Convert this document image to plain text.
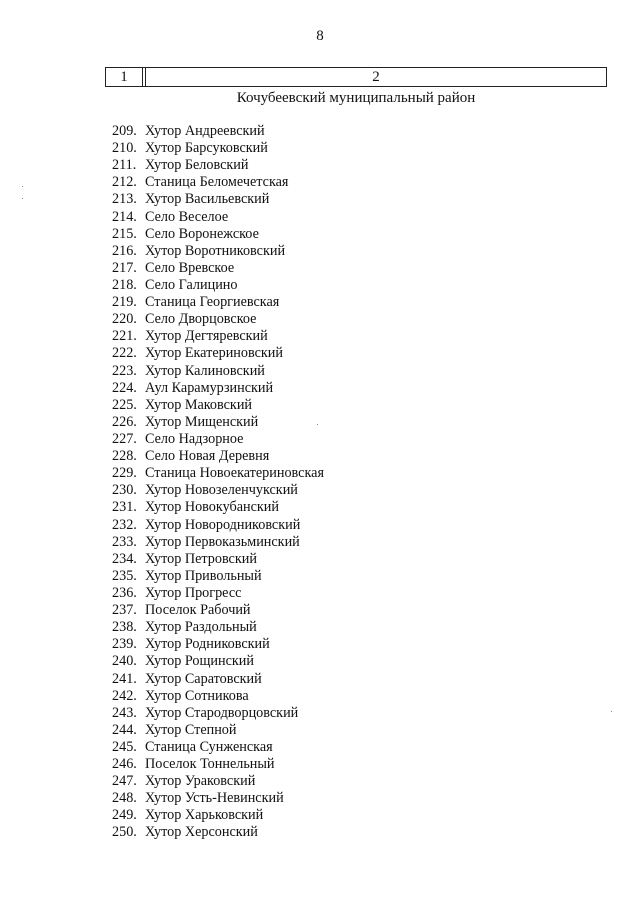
8
1	2
Кочубеевский муниципальный район
209. Хутор Андреевский
210. Хутор Барсуковский
211. Хутор Беловский
212. Станица Беломечетская
213. Хутор Васильевский
214. Село Веселое
215. Село Воронежское
216. Хутор Воротниковский
217. Село Вревское
218. Село Галицино
219. Станица Георгиевская
220. Село Дворцовское
221. Хутор Дегтяревский
222. Хутор Екатериновский
223. Хутор Калиновский
224. Аул Карамурзинский
225. Хутор Маковский
226. Хутор Мищенский
227. Село Надзорное
228. Село Новая Деревня
229. Станица Новоекатериновская
230. Хутор Новозеленчукский
231. Хутор Новокубанский
232. Хутор Новородниковский
233. Хутор Первоказьминский
234. Хутор Петровский
235. Хутор Привольный
236. Хутор Прогресс
237. Поселок Рабочий
238. Хутор Раздольный
239. Хутор Родниковский
240. Хутор Рощинский
241. Хутор Саратовский
242. Хутор Сотникова
243. Хутор Стародворцовский
244. Хутор Степной
245. Станица Сунженская
246. Поселок Тоннельный
247. Хутор Ураковский
248. Хутор Усть-Невинский
249. Хутор Харьковский
250. Хутор Херсонский
